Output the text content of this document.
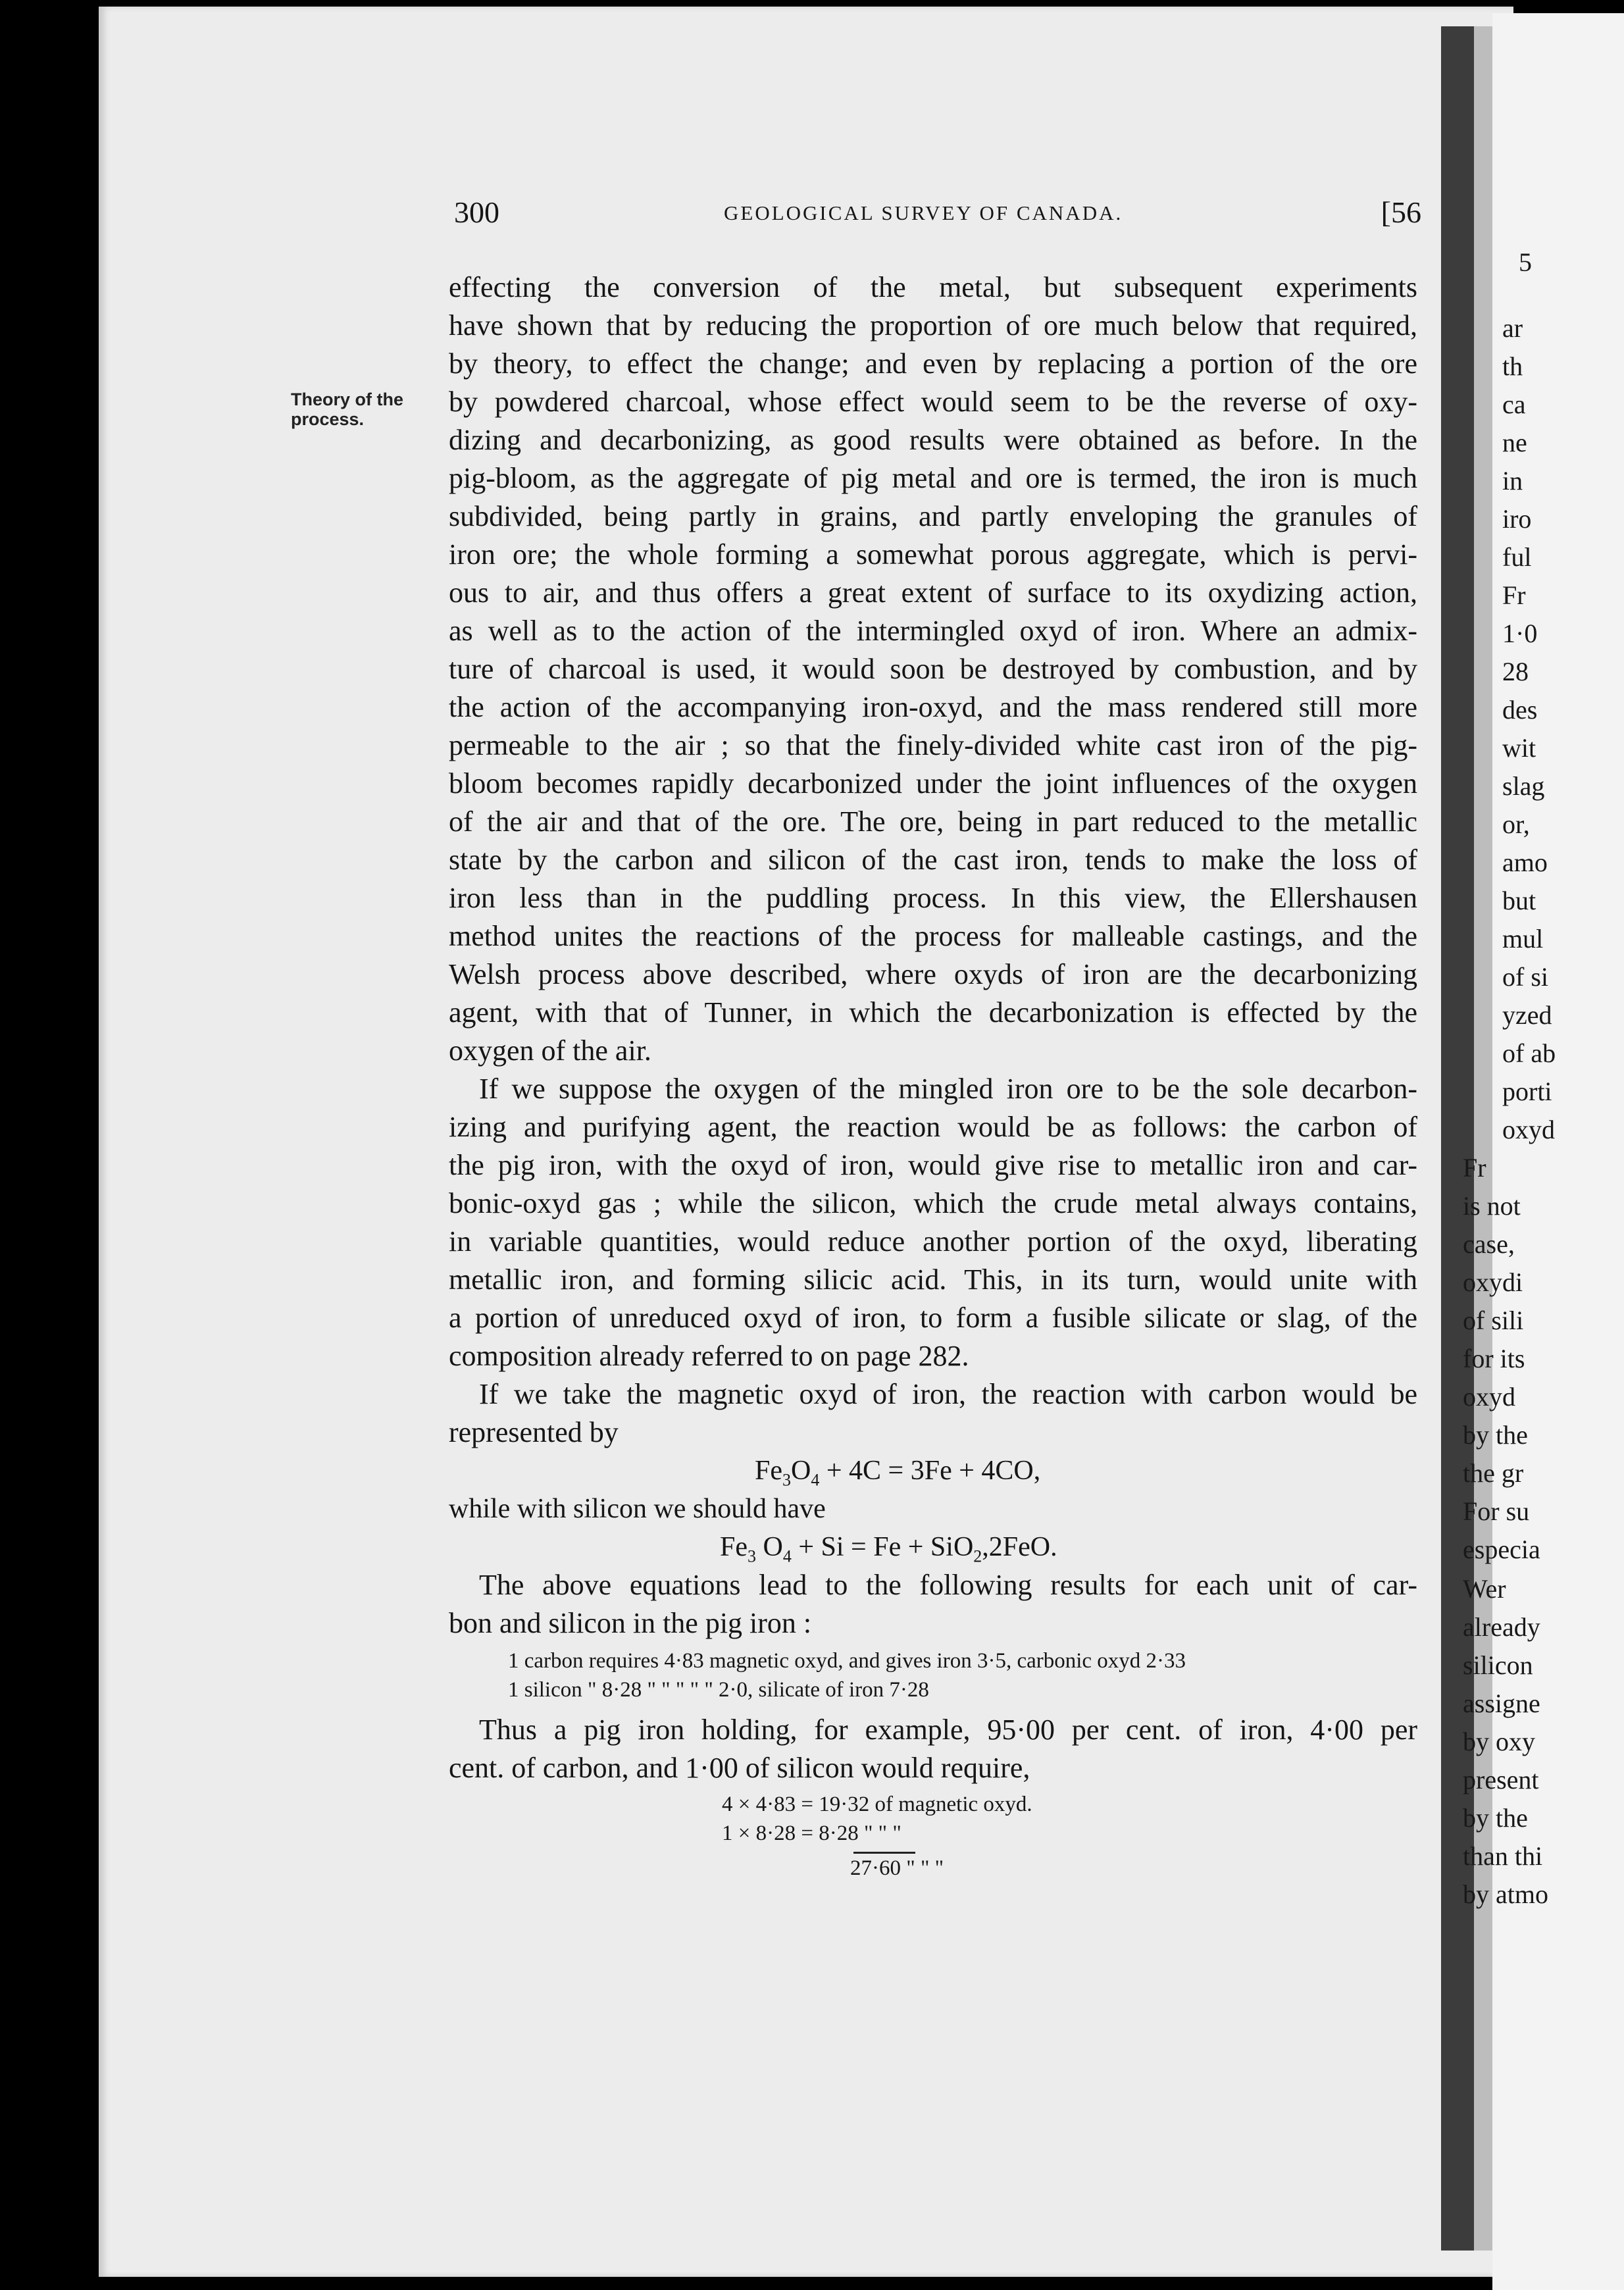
5
ar
th
ca
ne
in
iro
ful
Fr
1·0
28
des
wit
slag
or,
amo
but
mul
of si
yzed
of ab
porti
oxyd
Fr
is not
case,
oxydi
of sili
for its
oxyd
by the
the gr
For su
especia
Wer
already
silicon
assigne
by oxy
present
by the
than thi
by atmo
300	GEOLOGICAL SURVEY OF CANADA.	[56
Theory of the
process.
effecting the conversion of the metal, but subsequent experiments
have shown that by reducing the proportion of ore much below that required,
by theory, to effect the change; and even by replacing a portion of the ore
by powdered charcoal, whose effect would seem to be the reverse of oxy-
dizing and decarbonizing, as good results were obtained as before. In the
pig-bloom, as the aggregate of pig metal and ore is termed, the iron is much
subdivided, being partly in grains, and partly enveloping the granules of
iron ore; the whole forming a somewhat porous aggregate, which is pervi-
ous to air, and thus offers a great extent of surface to its oxydizing action,
as well as to the action of the intermingled oxyd of iron. Where an admix-
ture of charcoal is used, it would soon be destroyed by combustion, and by
the action of the accompanying iron-oxyd, and the mass rendered still more
permeable to the air ; so that the finely-divided white cast iron of the pig-
bloom becomes rapidly decarbonized under the joint influences of the oxygen
of the air and that of the ore. The ore, being in part reduced to the metallic
state by the carbon and silicon of the cast iron, tends to make the loss of
iron less than in the puddling process. In this view, the Ellershausen
method unites the reactions of the process for malleable castings, and the
Welsh process above described, where oxyds of iron are the decarbonizing
agent, with that of Tunner, in which the decarbonization is effected by the
oxygen of the air.
If we suppose the oxygen of the mingled iron ore to be the sole decarbon-
izing and purifying agent, the reaction would be as follows: the carbon of
the pig iron, with the oxyd of iron, would give rise to metallic iron and car-
bonic-oxyd gas ; while the silicon, which the crude metal always contains,
in variable quantities, would reduce another portion of the oxyd, liberating
metallic iron, and forming silicic acid. This, in its turn, would unite with
a portion of unreduced oxyd of iron, to form a fusible silicate or slag, of the
composition already referred to on page 282.
If we take the magnetic oxyd of iron, the reaction with carbon would be
represented by
$Fe_3O_4 + 4C = 3Fe + 4CO$,
while with silicon we should have
$Fe_3$ $O_4 + Si = Fe + SiO_2,2FeO$.
The above equations lead to the following results for each unit of car-
bon and silicon in the pig iron :
1 carbon requires 4·83 magnetic oxyd, and gives iron 3·5, carbonic oxyd 2·33
1 silicon " 8·28 " " " " " 2·0, silicate of iron 7·28
Thus a pig iron holding, for example, 95·00 per cent. of iron, 4·00 per
cent. of carbon, and 1·00 of silicon would require,
4 × 4·83 = 19·32 of magnetic oxyd.
1 × 8·28 = 8·28 " " "
27·60 " " "
